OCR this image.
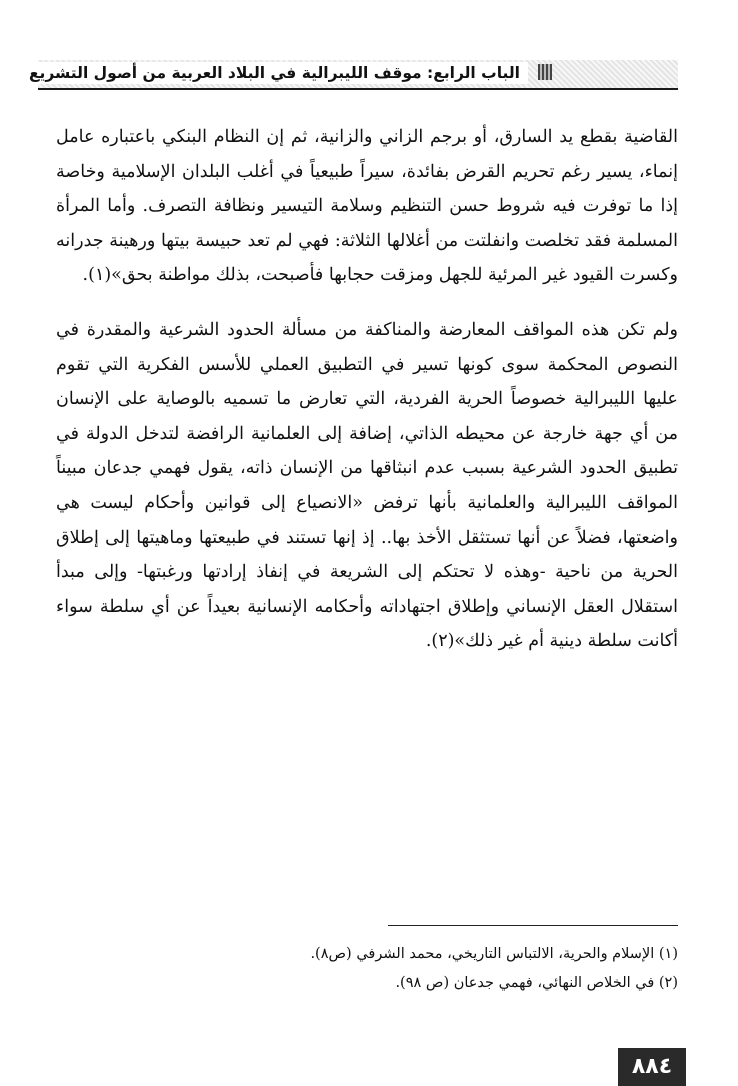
الباب الرابع: موقف الليبرالية في البلاد العربية من أصول التشريع

القاضية بقطع يد السارق، أو برجم الزاني والزانية، ثم إن النظام البنكي باعتباره عامل إنماء، يسير رغم تحريم القرض بفائدة، سيراً طبيعياً في أغلب البلدان الإسلامية وخاصة إذا ما توفرت فيه شروط حسن التنظيم وسلامة التيسير ونظافة التصرف. وأما المرأة المسلمة فقد تخلصت وانفلتت من أغلالها الثلاثة: فهي لم تعد حبيسة بيتها ورهينة جدرانه وكسرت القيود غير المرئية للجهل ومزقت حجابها فأصبحت، بذلك مواطنة بحق»(١).

ولم تكن هذه المواقف المعارضة والمناكفة من مسألة الحدود الشرعية والمقدرة في النصوص المحكمة سوى كونها تسير في التطبيق العملي للأسس الفكرية التي تقوم عليها الليبرالية خصوصاً الحرية الفردية، التي تعارض ما تسميه بالوصاية على الإنسان من أي جهة خارجة عن محيطه الذاتي، إضافة إلى العلمانية الرافضة لتدخل الدولة في تطبيق الحدود الشرعية بسبب عدم انبثاقها من الإنسان ذاته، يقول فهمي جدعان مبيناً المواقف الليبرالية والعلمانية بأنها ترفض «الانصياع إلى قوانين وأحكام ليست هي واضعتها، فضلاً عن أنها تستثقل الأخذ بها.. إذ إنها تستند في طبيعتها وماهيتها إلى إطلاق الحرية من ناحية -وهذه لا تحتكم إلى الشريعة في إنفاذ إرادتها ورغبتها- وإلى مبدأ استقلال العقل الإنساني وإطلاق اجتهاداته وأحكامه الإنسانية بعيداً عن أي سلطة سواء أكانت سلطة دينية أم غير ذلك»(٢).

(١) الإسلام والحرية، الالتباس التاريخي، محمد الشرفي (ص٨).

(٢) في الخلاص النهائي، فهمي جدعان (ص ٩٨).

٨٨٤
